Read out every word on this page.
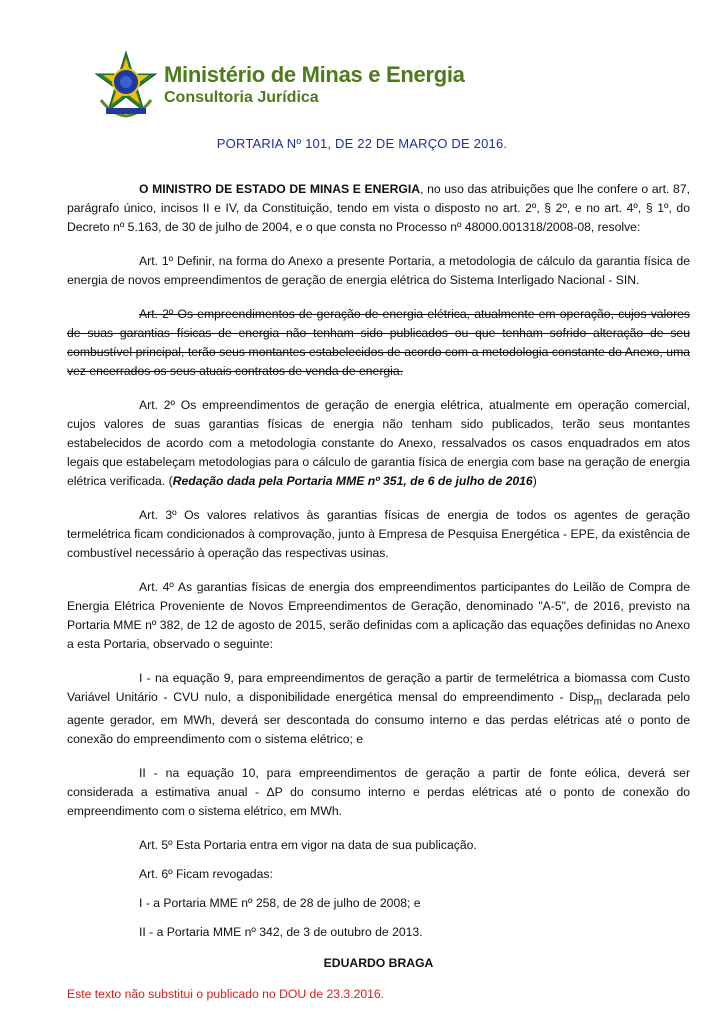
Ministério de Minas e Energia
Consultoria Jurídica
PORTARIA Nº 101, DE 22 DE MARÇO DE 2016.

O MINISTRO DE ESTADO DE MINAS E ENERGIA, no uso das atribuições que lhe confere o art. 87, parágrafo único, incisos II e IV, da Constituição, tendo em vista o disposto no art. 2º, § 2º, e no art. 4º, § 1º, do Decreto nº 5.163, de 30 de julho de 2004, e o que consta no Processo nº 48000.001318/2008-08, resolve:

Art. 1º Definir, na forma do Anexo a presente Portaria, a metodologia de cálculo da garantia física de energia de novos empreendimentos de geração de energia elétrica do Sistema Interligado Nacional - SIN.

Art. 2º Os empreendimentos de geração de energia elétrica, atualmente em operação, cujos valores de suas garantias físicas de energia não tenham sido publicados ou que tenham sofrido alteração de seu combustível principal, terão seus montantes estabelecidos de acordo com a metodologia constante do Anexo, uma vez encerrados os seus atuais contratos de venda de energia.

Art. 2º Os empreendimentos de geração de energia elétrica, atualmente em operação comercial, cujos valores de suas garantias físicas de energia não tenham sido publicados, terão seus montantes estabelecidos de acordo com a metodologia constante do Anexo, ressalvados os casos enquadrados em atos legais que estabeleçam metodologias para o cálculo de garantia física de energia com base na geração de energia elétrica verificada. (Redação dada pela Portaria MME nº 351, de 6 de julho de 2016)

Art. 3º Os valores relativos às garantias físicas de energia de todos os agentes de geração termelétrica ficam condicionados à comprovação, junto à Empresa de Pesquisa Energética - EPE, da existência de combustível necessário à operação das respectivas usinas.

Art. 4º As garantias físicas de energia dos empreendimentos participantes do Leilão de Compra de Energia Elétrica Proveniente de Novos Empreendimentos de Geração, denominado "A-5", de 2016, previsto na Portaria MME nº 382, de 12 de agosto de 2015, serão definidas com a aplicação das equações definidas no Anexo a esta Portaria, observado o seguinte:

I - na equação 9, para empreendimentos de geração a partir de termelétrica a biomassa com Custo Variável Unitário - CVU nulo, a disponibilidade energética mensal do empreendimento - Disp$_m$ declarada pelo agente gerador, em MWh, deverá ser descontada do consumo interno e das perdas elétricas até o ponto de conexão do empreendimento com o sistema elétrico; e

II - na equação 10, para empreendimentos de geração a partir de fonte eólica, deverá ser considerada a estimativa anual - ΔP do consumo interno e perdas elétricas até o ponto de conexão do empreendimento com o sistema elétrico, em MWh.

Art. 5º Esta Portaria entra em vigor na data de sua publicação.

Art. 6º Ficam revogadas:

I - a Portaria MME nº 258, de 28 de julho de 2008; e

II - a Portaria MME nº 342, de 3 de outubro de 2013.

EDUARDO BRAGA

Este texto não substitui o publicado no DOU de 23.3.2016.
